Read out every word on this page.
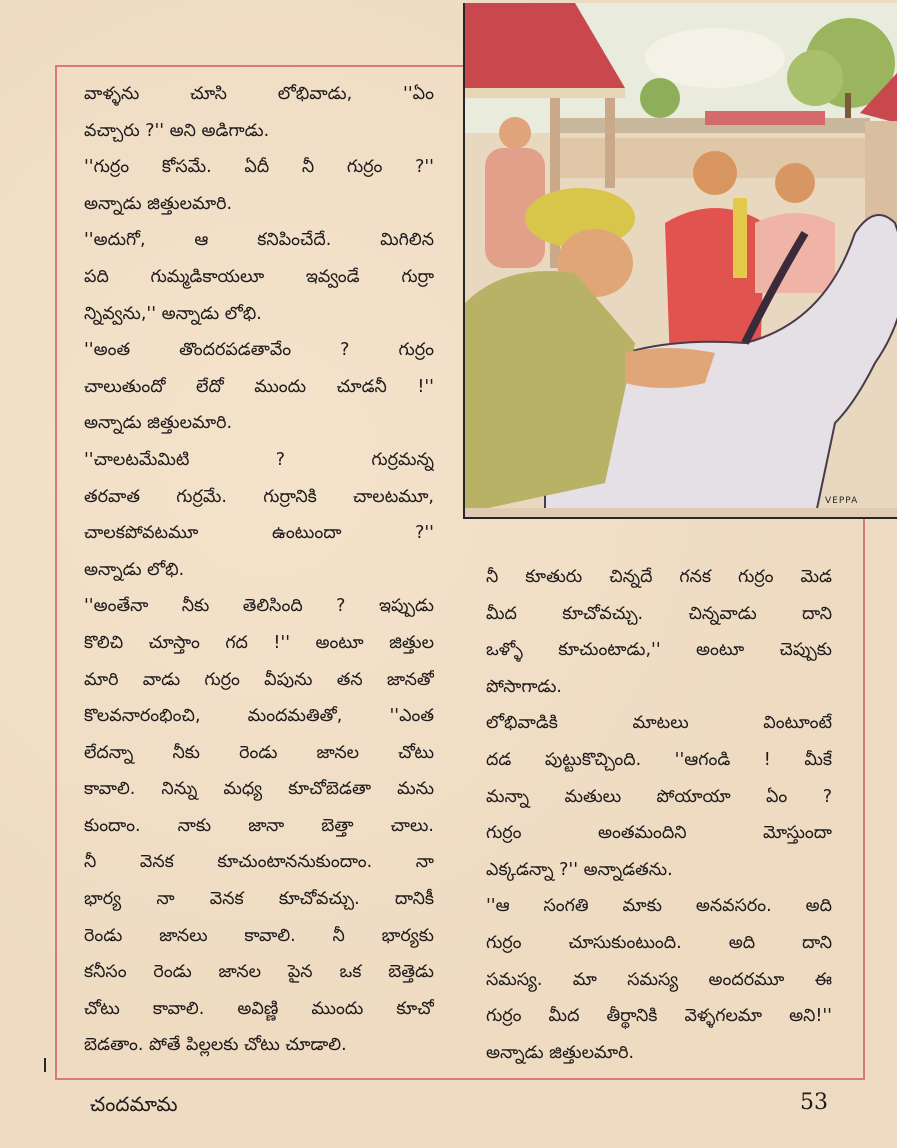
VEPPA
వాళ్ళను చూసి లోభివాడు, ''ఏం
వచ్చారు ?'' అని అడిగాడు.
''గుర్రం కోసమే. ఏదీ నీ గుర్రం ?''
అన్నాడు జిత్తులమారి.
''అదుగో, ఆ కనిపించేదే. మిగిలిన
పది గుమ్మడికాయలూ ఇవ్వండే గుర్రా
న్నివ్వను,'' అన్నాడు లోభి.
''అంత తొందరపడతావేం ? గుర్రం
చాలుతుందో లేదో ముందు చూడనీ !''
అన్నాడు జిత్తులమారి.
''చాలటమేమిటి ? గుర్రమన్న
తరవాత గుర్రమే. గుర్రానికి చాలటమూ,
చాలకపోవటమూ ఉంటుందా ?''
అన్నాడు లోభి.
''అంతేనా నీకు తెలిసింది ? ఇప్పుడు
కొలిచి చూస్తాం గద !'' అంటూ జిత్తుల
మారి వాడు గుర్రం వీపును తన జానతో
కొలవనారంభించి, మందమతితో, ''ఎంత
లేదన్నా నీకు రెండు జానల చోటు
కావాలి. నిన్ను మధ్య కూచోబెడతా మను
కుందాం. నాకు జానా బెత్తా చాలు.
నీ వెనక కూచుంటాననుకుందాం. నా
భార్య నా వెనక కూచోవచ్చు. దానికీ
రెండు జానలు కావాలి. నీ భార్యకు
కనీసం రెండు జానల పైన ఒక బెత్తెడు
చోటు కావాలి. అవిణ్ణి ముందు కూచో
బెడతాం. పోతే పిల్లలకు చోటు చూడాలి.
నీ కూతురు చిన్నదే గనక గుర్రం మెడ
మీద కూచోవచ్చు. చిన్నవాడు దాని
ఒళ్ళో కూచుంటాడు,'' అంటూ చెప్పుకు
పోసాగాడు.
లోభివాడికి మాటలు వింటూంటే
దడ పుట్టుకొచ్చింది. ''ఆగండి ! మీకే
మన్నా మతులు పోయాయా ఏం ?
గుర్రం అంతమందిని మోస్తుందా
ఎక్కడన్నా ?'' అన్నాడతను.
''ఆ సంగతి మాకు అనవసరం. అది
గుర్రం చూసుకుంటుంది. అది దాని
సమస్య. మా సమస్య అందరమూ ఈ
గుర్రం మీద తీర్థానికి వెళ్ళగలమా అని!''
అన్నాడు జిత్తులమారి.
చందమామ	53
